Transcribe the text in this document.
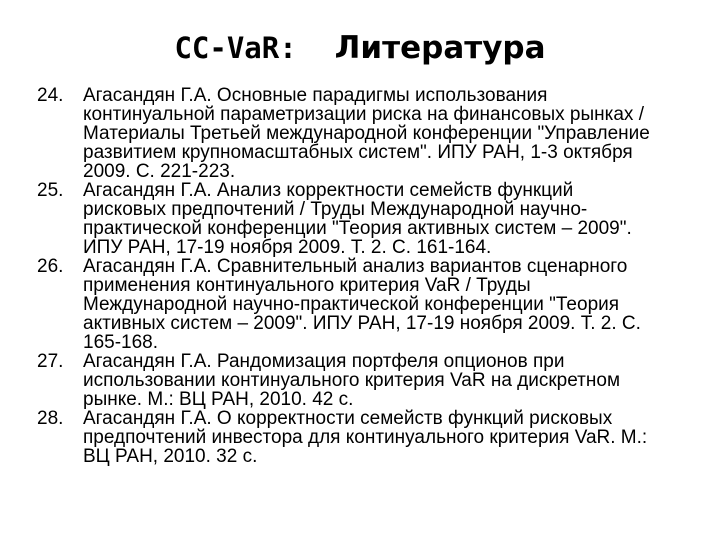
CC-VaR: Литература
24. Агасандян Г.А. Основные парадигмы использования
континуальной параметризации риска на финансовых рынках /
Материалы Третьей международной конференции "Управление
развитием крупномасштабных систем". ИПУ РАН, 1-3 октября
2009. С. 221-223.
25. Агасандян Г.А. Анализ корректности семейств функций
рисковых предпочтений / Труды Международной научно-
практической конференции "Теория активных систем – 2009".
ИПУ РАН, 17-19 ноября 2009. Т. 2. С. 161-164.
26. Агасандян Г.А. Сравнительный анализ вариантов сценарного
применения континуального критерия VaR / Труды
Международной научно-практической конференции "Теория
активных систем – 2009". ИПУ РАН, 17-19 ноября 2009. Т. 2. С.
165-168.
27. Агасандян Г.А. Рандомизация портфеля опционов при
использовании континуального критерия VaR на дискретном
рынке. М.: ВЦ РАН, 2010. 42 с.
28. Агасандян Г.А. О корректности семейств функций рисковых
предпочтений инвестора для континуального критерия VaR. М.:
ВЦ РАН, 2010. 32 с.
